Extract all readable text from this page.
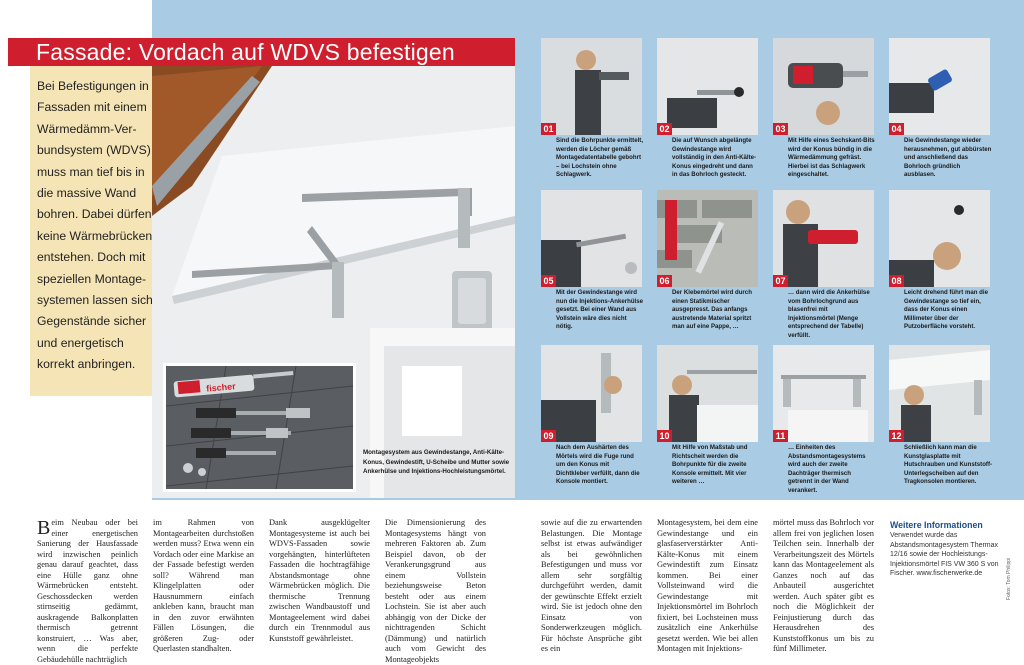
Fassade: Vordach auf WDVS befestigen
Bei Befestigungen in
Fassaden mit einem
Wärmedämm-Ver-
bundsystem (WDVS)
muss man tief bis in
die massive Wand
bohren. Dabei dürfen
keine Wärmebrücken
entstehen. Doch mit
speziellen Montage-
systemen lassen sich
Gegenstände sicher
und energetisch
korrekt anbringen.
fischer
Montagesystem aus Gewindestange, Anti-Kälte-Konus, Gewindestift, U-Scheibe und Mutter sowie Ankerhülse und Injektions-Hochleistungsmörtel.
01	02	03	04
05	06	07	08
09	10	11	12
Sind die Bohrpunkte ermittelt, werden die Löcher gemäß Montagedatentabelle gebohrt – bei Lochstein ohne Schlagwerk.
Die auf Wunsch abgelängte Gewindestange wird vollständig in den Anti-Kälte-Konus eingedreht und dann in das Bohrloch gesteckt.
Mit Hilfe eines Sechskant-Bits wird der Konus bündig in die Wärmedämmung gefräst. Hierbei ist das Schlagwerk eingeschaltet.
Die Gewindestange wieder herausnehmen, gut abbürsten und anschließend das Bohrloch gründlich ausblasen.
Mit der Gewindestange wird nun die Injektions-Ankerhülse gesetzt. Bei einer Wand aus Vollstein wäre dies nicht nötig.
Der Klebemörtel wird durch einen Statikmischer ausgepresst. Das anfangs austretende Material spritzt man auf eine Pappe, …
… dann wird die Ankerhülse vom Bohrlochgrund aus blasenfrei mit Injektionsmörtel (Menge entsprechend der Tabelle) verfüllt.
Leicht drehend führt man die Gewindestange so tief ein, dass der Konus einen Millimeter über der Putzoberfläche vorsteht.
Nach dem Aushärten des Mörtels wird die Fuge rund um den Konus mit Dichtkleber verfüllt, dann die Konsole montiert.
Mit Hilfe von Maßstab und Richtscheit werden die Bohrpunkte für die zweite Konsole ermittelt. Mit vier weiteren …
… Einheiten des Abstandsmontagesystems wird auch der zweite Dachträger thermisch getrennt in der Wand verankert.
Schließlich kann man die Kunstglasplatte mit Hutschrauben und Kunststoff-Unterlegscheiben auf den Tragkonsolen montieren.
Beim Neubau oder bei einer energetischen Sanierung der Hausfassade wird inzwischen peinlich genau darauf geachtet, dass eine Hülle ganz ohne Wärmebrücken entsteht. Geschossdecken werden stirnseitig gedämmt, auskragende Balkonplatten thermisch getrennt konstruiert, … Was aber, wenn die perfekte Gebäudehülle nachträglich
im Rahmen von Montagearbeiten durchstoßen werden muss? Etwa wenn ein Vordach oder eine Markise an der Fassade befestigt werden soll? Während man Klingelplatten oder Hausnummern einfach ankleben kann, braucht man in den zuvor erwähnten Fällen Lösungen, die größeren Zug- oder Querlasten standhalten.
Dank ausgeklügelter Montagesysteme ist auch bei WDVS-Fassaden sowie vorgehängten, hinterlüfteten Fassaden die hochtragfähige Abstandsmontage ohne Wärmebrücken möglich. Die thermische Trennung zwischen Wandbaustoff und Montageelement wird dabei durch ein Trennmodul aus Kunststoff gewährleistet.
Die Dimensionierung des Montagesystems hängt von mehreren Faktoren ab. Zum Beispiel davon, ob der Verankerungsgrund aus einem Vollstein beziehungsweise Beton besteht oder aus einem Lochstein. Sie ist aber auch abhängig von der Dicke der nichttragenden Schicht (Dämmung) und natürlich auch vom Gewicht des Montageobjekts
sowie auf die zu erwartenden Belastungen. Die Montage selbst ist etwas aufwändiger als bei gewöhnlichen Befestigungen und muss vor allem sehr sorgfältig durchgeführt werden, damit der gewünschte Effekt erzielt wird. Sie ist jedoch ohne den Einsatz von Sonderwerkzeugen möglich. Für höchste Ansprüche gibt es ein
Montagesystem, bei dem eine Gewindestange und ein glasfaserverstärkter Anti-Kälte-Konus mit einem Gewindestift zum Einsatz kommen. Bei einer Vollsteinwand wird die Gewindestange mit Injektionsmörtel im Bohrloch fixiert, bei Lochsteinen muss zusätzlich eine Ankerhülse gesetzt werden. Wie bei allen Montagen mit Injektions-
mörtel muss das Bohrloch vor allem frei von jeglichen losen Teilchen sein. Innerhalb der Verarbeitungszeit des Mörtels kann das Montageelement als Ganzes noch auf das Anbauteil ausgerichtet werden. Auch später gibt es noch die Möglichkeit der Feinjustierung durch das Herausdrehen des Kunststoffkonus um bis zu fünf Millimeter.
Weitere Informationen
Verwendet wurde das Abstandsmontagesystem Thermax 12/16 sowie der Hochleistungs-Injektionsmörtel FIS VW 360 S von Fischer. www.fischerwerke.de	Fotos: Tom Philippi
